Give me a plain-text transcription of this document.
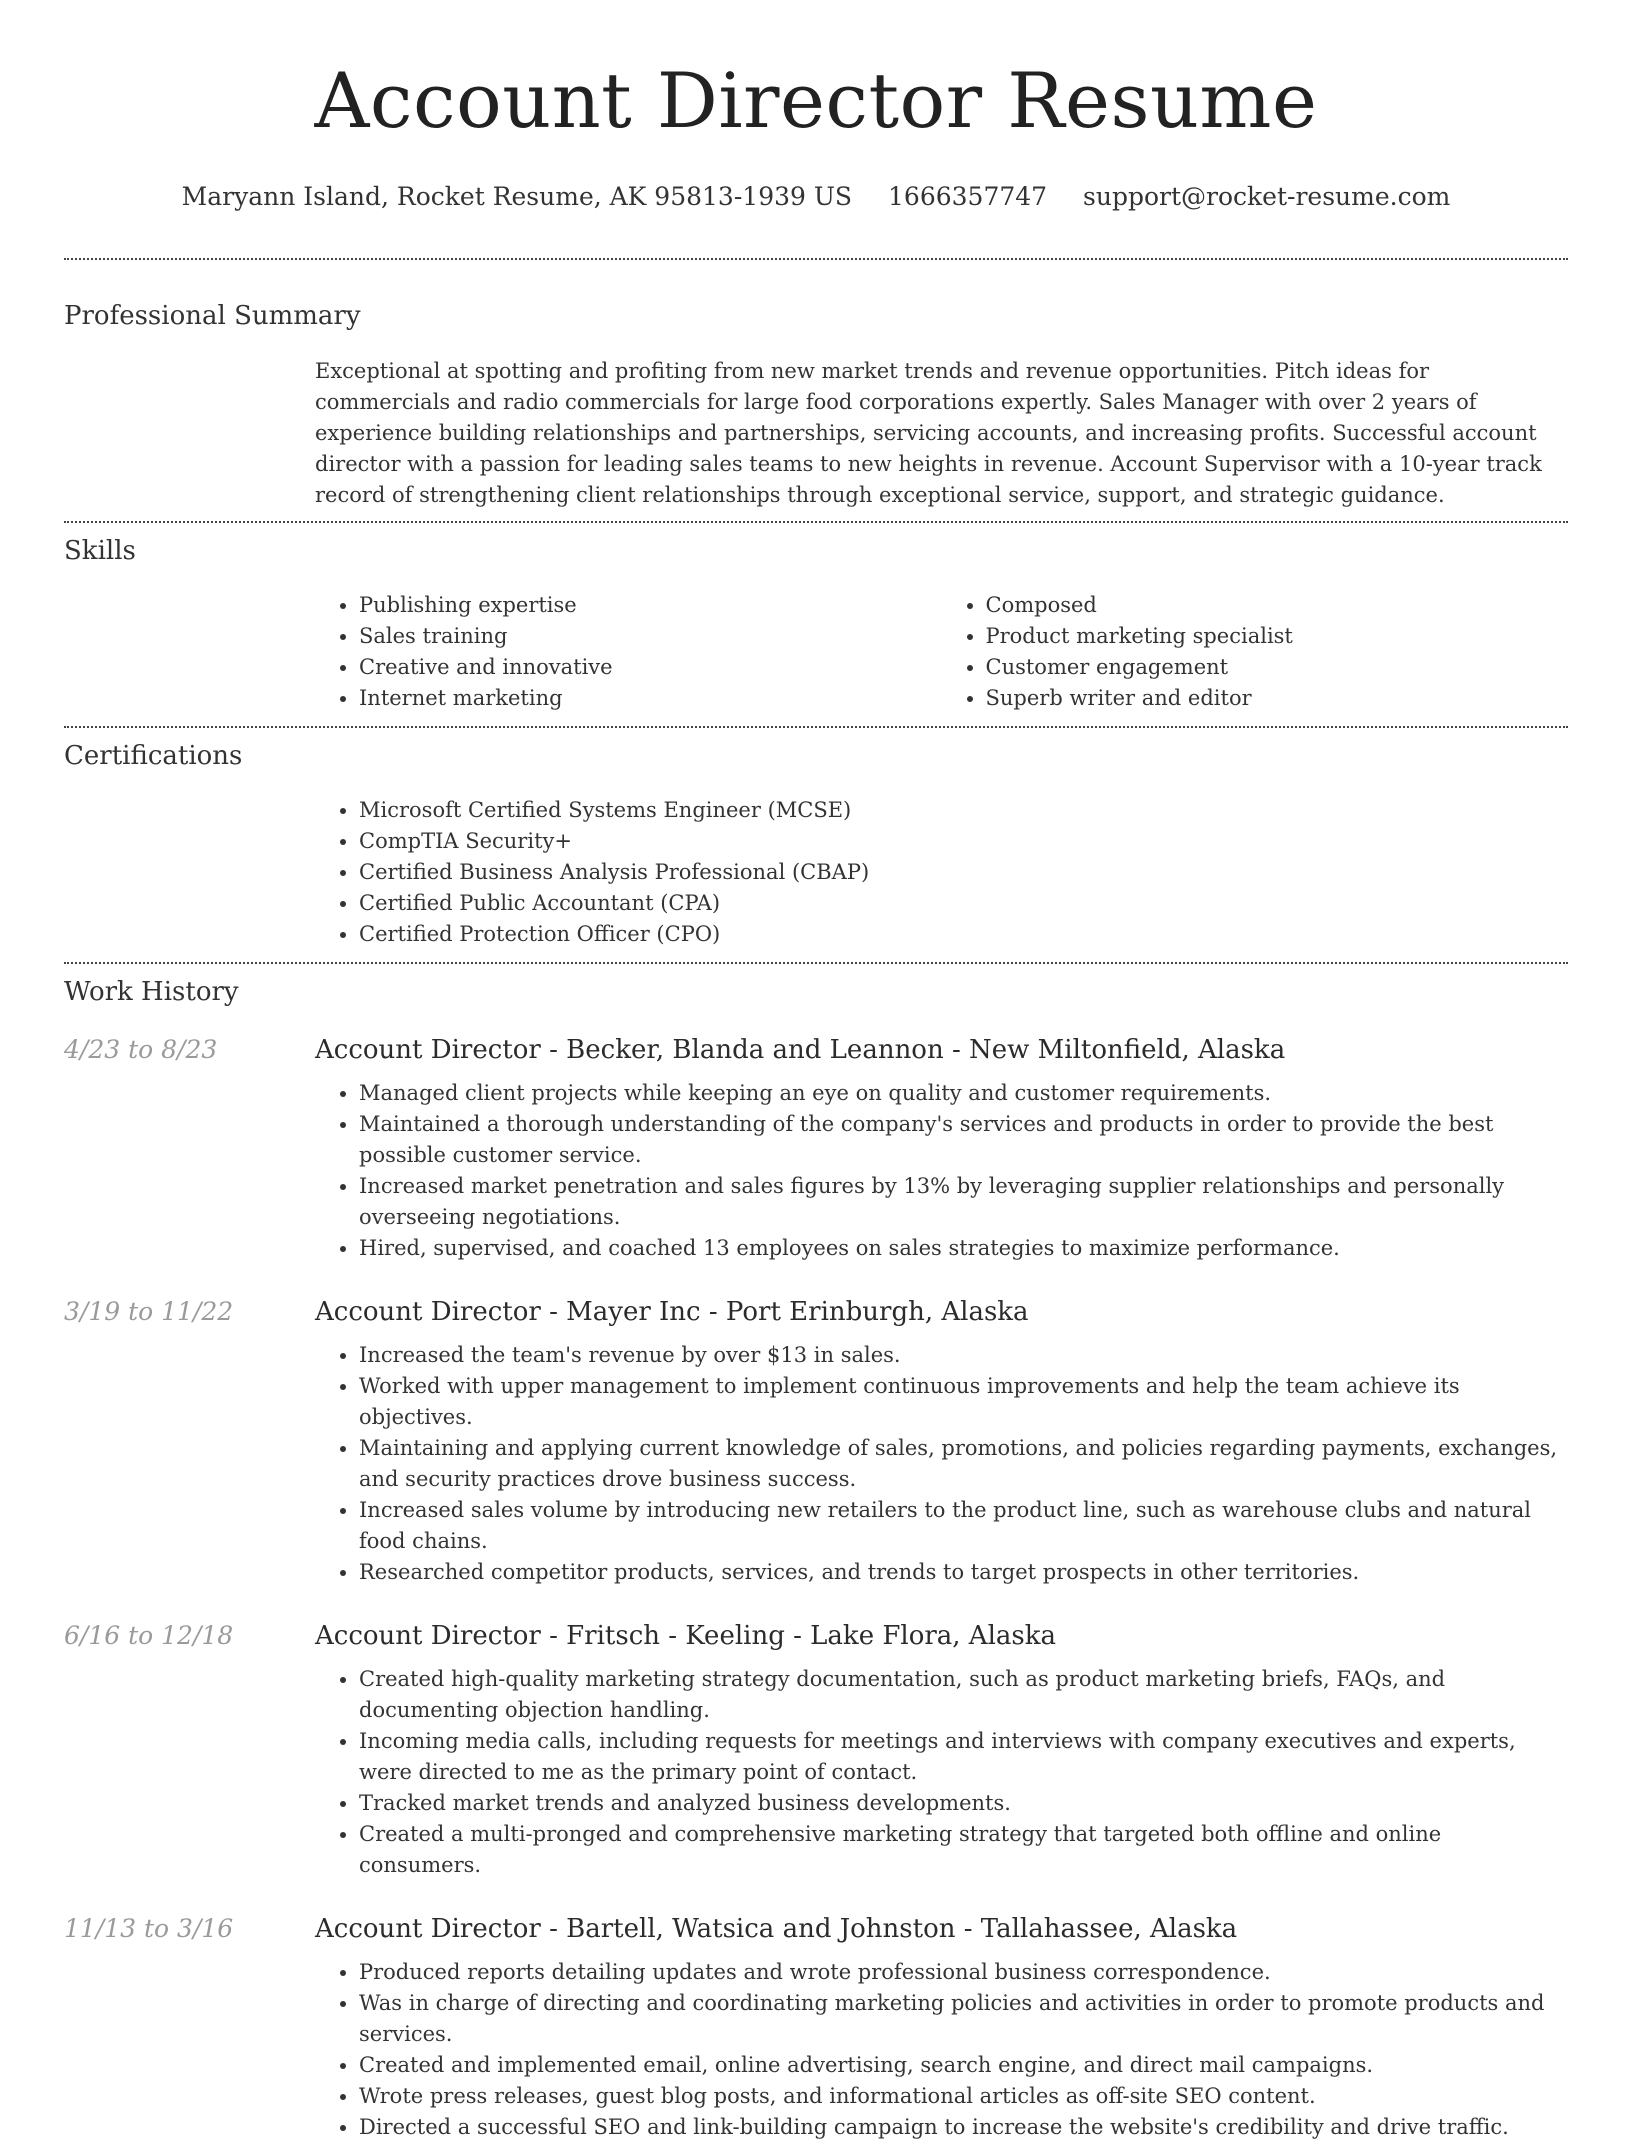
Account Director Resume
Maryann Island, Rocket Resume, AK 95813-1939 US 1666357747 support@rocket-resume.com
Professional Summary
Exceptional at spotting and profiting from new market trends and revenue opportunities. Pitch ideas for commercials and radio commercials for large food corporations expertly. Sales Manager with over 2 years of experience building relationships and partnerships, servicing accounts, and increasing profits. Successful account director with a passion for leading sales teams to new heights in revenue. Account Supervisor with a 10-year track record of strengthening client relationships through exceptional service, support, and strategic guidance.
Skills
• Publishing expertise
• Sales training
• Creative and innovative
• Internet marketing
• Composed
• Product marketing specialist
• Customer engagement
• Superb writer and editor
Certifications
• Microsoft Certified Systems Engineer (MCSE)
• CompTIA Security+
• Certified Business Analysis Professional (CBAP)
• Certified Public Accountant (CPA)
• Certified Protection Officer (CPO)
Work History
4/23 to 8/23	Account Director - Becker, Blanda and Leannon - New Miltonfield, Alaska
• Managed client projects while keeping an eye on quality and customer requirements.
• Maintained a thorough understanding of the company's services and products in order to provide the best possible customer service.
• Increased market penetration and sales figures by 13% by leveraging supplier relationships and personally overseeing negotiations.
• Hired, supervised, and coached 13 employees on sales strategies to maximize performance.
3/19 to 11/22	Account Director - Mayer Inc - Port Erinburgh, Alaska
• Increased the team's revenue by over $13 in sales.
• Worked with upper management to implement continuous improvements and help the team achieve its objectives.
• Maintaining and applying current knowledge of sales, promotions, and policies regarding payments, exchanges, and security practices drove business success.
• Increased sales volume by introducing new retailers to the product line, such as warehouse clubs and natural food chains.
• Researched competitor products, services, and trends to target prospects in other territories.
6/16 to 12/18	Account Director - Fritsch - Keeling - Lake Flora, Alaska
• Created high-quality marketing strategy documentation, such as product marketing briefs, FAQs, and documenting objection handling.
• Incoming media calls, including requests for meetings and interviews with company executives and experts, were directed to me as the primary point of contact.
• Tracked market trends and analyzed business developments.
• Created a multi-pronged and comprehensive marketing strategy that targeted both offline and online consumers.
11/13 to 3/16	Account Director - Bartell, Watsica and Johnston - Tallahassee, Alaska
• Produced reports detailing updates and wrote professional business correspondence.
• Was in charge of directing and coordinating marketing policies and activities in order to promote products and services.
• Created and implemented email, online advertising, search engine, and direct mail campaigns.
• Wrote press releases, guest blog posts, and informational articles as off-site SEO content.
• Directed a successful SEO and link-building campaign to increase the website's credibility and drive traffic.
